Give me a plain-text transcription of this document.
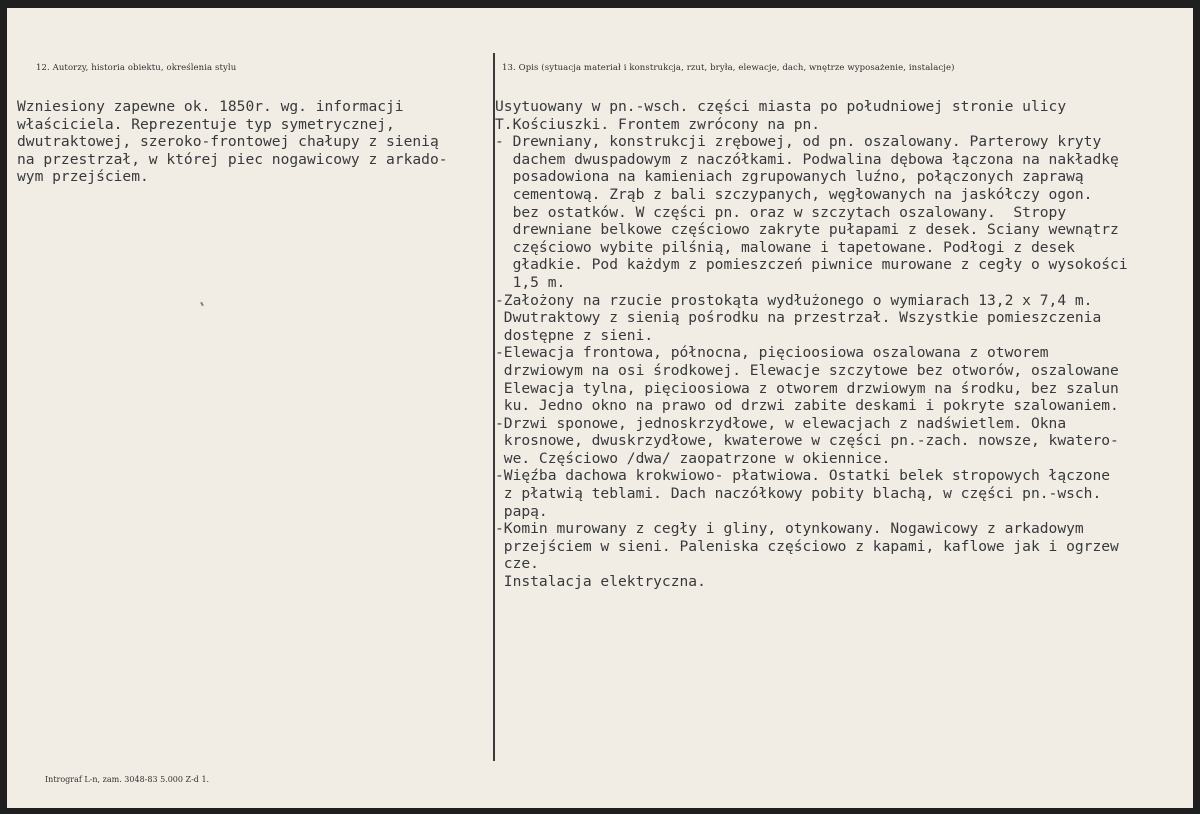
12. Autorzy, historia obiektu, określenia stylu	13. Opis (sytuacja materiał i konstrukcja, rzut, bryła, elewacje, dach, wnętrze wyposażenie, instalacje)
Wzniesiony zapewne ok. 1850r. wg. informacji
właściciela. Reprezentuje typ symetrycznej,
dwutraktowej, szeroko-frontowej chałupy z sienią
na przestrzał, w której piec nogawicowy z arkado-
wym przejściem.
Usytuowany w pn.-wsch. części miasta po południowej stronie ulicy
T.Kościuszki. Frontem zwrócony na pn.
- Drewniany, konstrukcji zrębowej, od pn. oszalowany. Parterowy kryty
dachem dwuspadowym z naczółkami. Podwalina dębowa łączona na nakładkę
posadowiona na kamieniach zgrupowanych luźno, połączonych zaprawą
cementową. Zrąb z bali szczypanych, węgłowanych na jaskółczy ogon.
bez ostatków. W części pn. oraz w szczytach oszalowany.  Stropy
drewniane belkowe częściowo zakryte pułapami z desek. Sciany wewnątrz
częściowo wybite pilśnią, malowane i tapetowane. Podłogi z desek
gładkie. Pod każdym z pomieszczeń piwnice murowane z cegły o wysokości
1,5 m.
-Założony na rzucie prostokąta wydłużonego o wymiarach 13,2 x 7,4 m.
Dwutraktowy z sienią pośrodku na przestrzał. Wszystkie pomieszczenia
dostępne z sieni.
-Elewacja frontowa, północna, pięcioosiowa oszalowana z otworem
drzwiowym na osi środkowej. Elewacje szczytowe bez otworów, oszalowane
Elewacja tylna, pięcioosiowa z otworem drzwiowym na środku, bez szalun
ku. Jedno okno na prawo od drzwi zabite deskami i pokryte szalowaniem.
-Drzwi sponowe, jednoskrzydłowe, w elewacjach z nadświetlem. Okna
krosnowe, dwuskrzydłowe, kwaterowe w części pn.-zach. nowsze, kwatero-
we. Częściowo /dwa/ zaopatrzone w okiennice.
-Więźba dachowa krokwiowo- płatwiowa. Ostatki belek stropowych łączone
z płatwią teblami. Dach naczółkowy pobity blachą, w części pn.-wsch.
papą.
-Komin murowany z cegły i gliny, otynkowany. Nogawicowy z arkadowym
przejściem w sieni. Paleniska częściowo z kapami, kaflowe jak i ogrzew
cze.
Instalacja elektryczna.
Intrograf L-n, zam. 3048-83 5.000 Z-d 1.
